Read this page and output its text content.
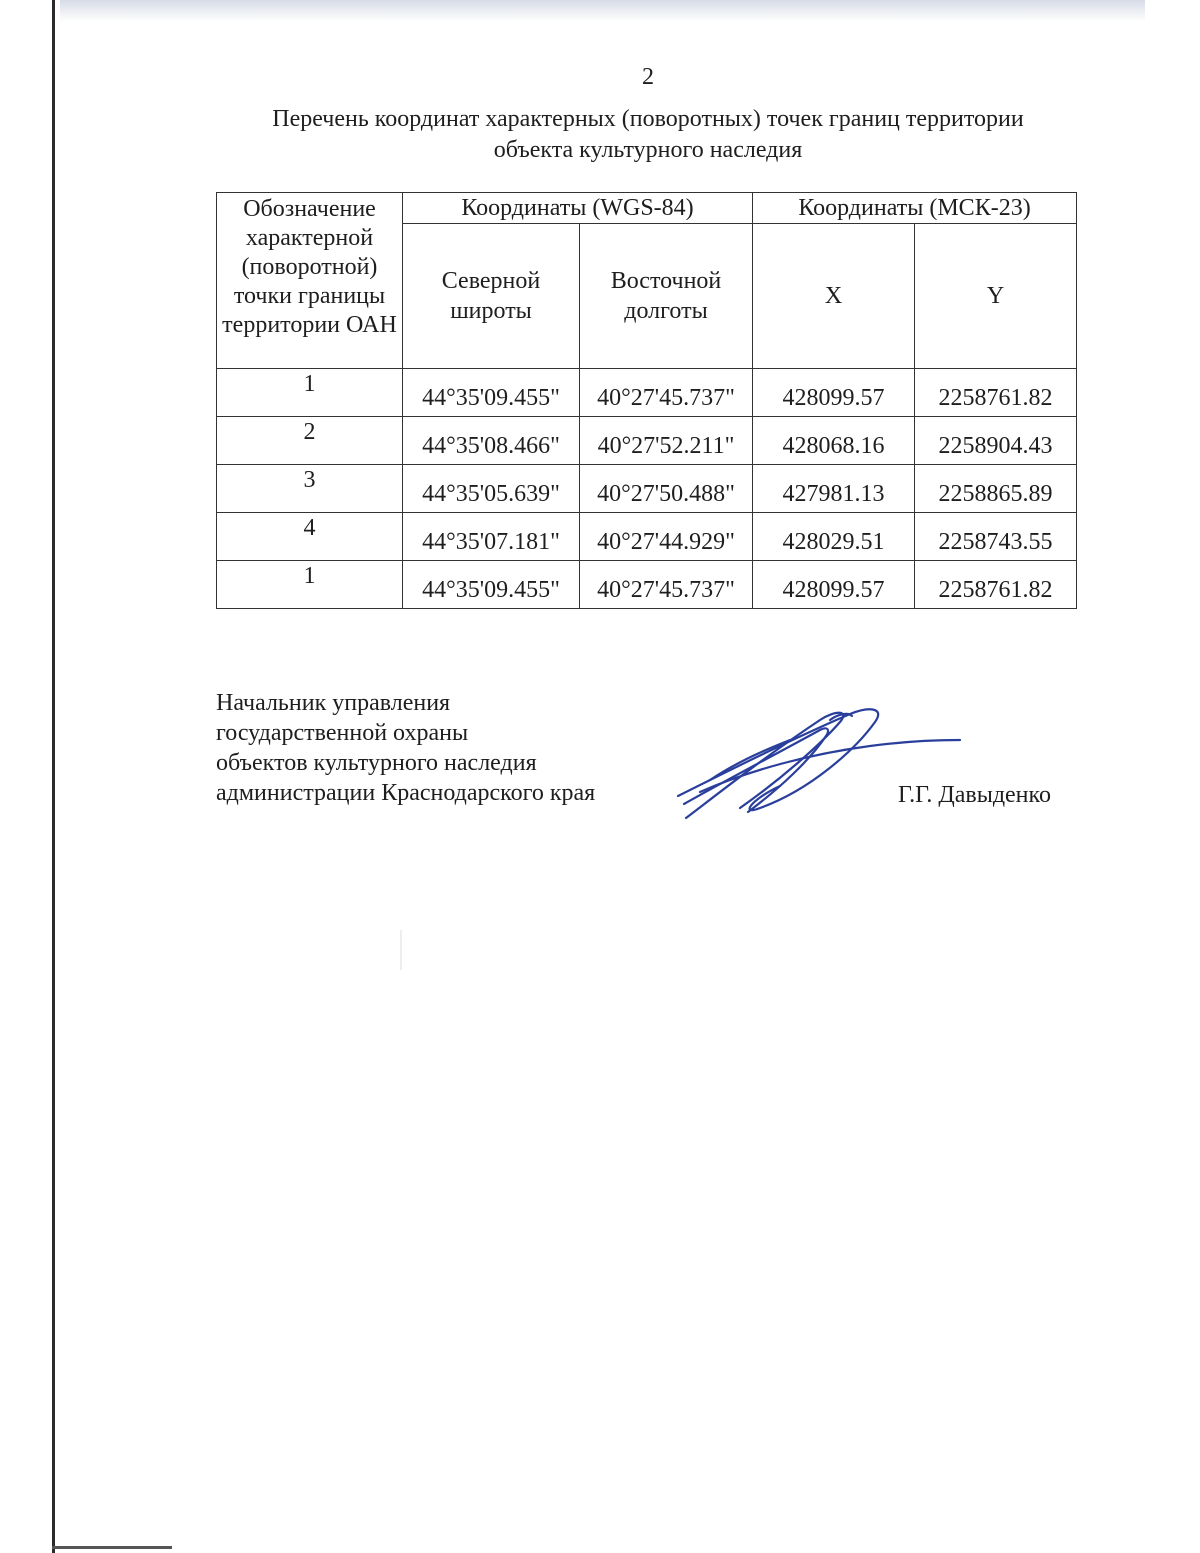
2
Перечень координат характерных (поворотных) точек границ территории
объекта культурного наследия
Обозначение характерной (поворотной) точки границы территории ОАН	Координаты (WGS-84)		Координаты (МСК-23)	
	Северной широты	Восточной долготы	X	Y
1	44°35'09.455"	40°27'45.737"	428099.57	2258761.82
2	44°35'08.466"	40°27'52.211"	428068.16	2258904.43
3	44°35'05.639"	40°27'50.488"	427981.13	2258865.89
4	44°35'07.181"	40°27'44.929"	428029.51	2258743.55
1	44°35'09.455"	40°27'45.737"	428099.57	2258761.82
Начальник управления
государственной охраны
объектов культурного наследия
администрации Краснодарского края	Г.Г. Давыденко
